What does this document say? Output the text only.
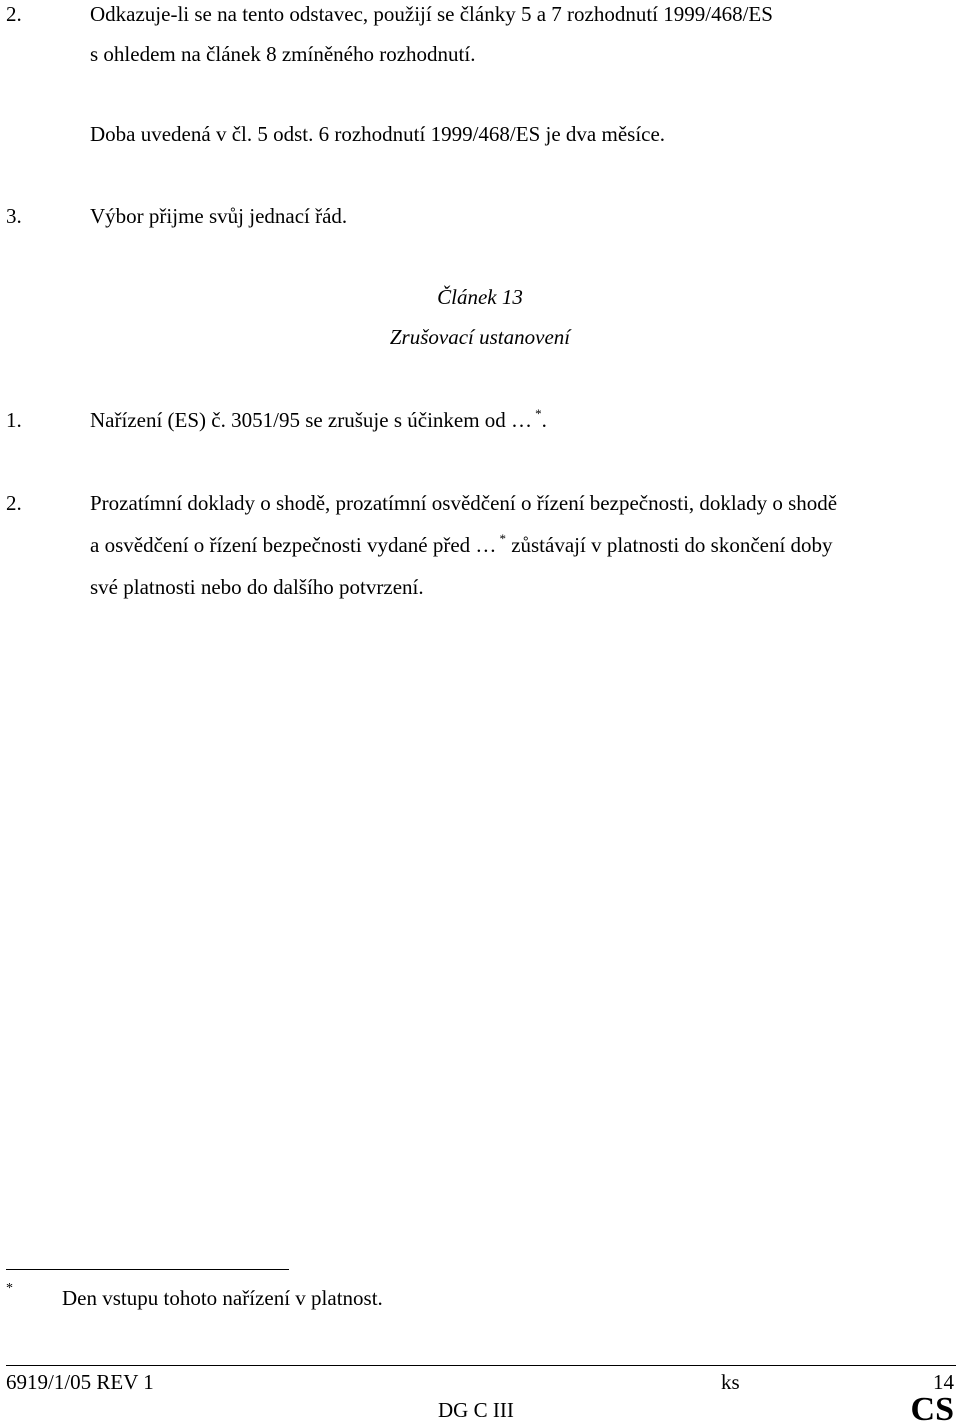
2.	Odkazuje-li se na tento odstavec, použijí se články 5 a 7 rozhodnutí 1999/468/ES
s ohledem na článek 8 zmíněného rozhodnutí.
Doba uvedená v čl. 5 odst. 6 rozhodnutí 1999/468/ES je dva měsíce.
3.	Výbor přijme svůj jednací řád.
Článek 13
Zrušovací ustanovení
1.	Nařízení (ES) č. 3051/95 se zrušuje s účinkem od … *.
2.	Prozatímní doklady o shodě, prozatímní osvědčení o řízení bezpečnosti, doklady o shodě
a osvědčení o řízení bezpečnosti vydané před … * zůstávají v platnosti do skončení doby
své platnosti nebo do dalšího potvrzení.
* Den vstupu tohoto nařízení v platnost.
6919/1/05 REV 1	ks	14
DG C III	CS
